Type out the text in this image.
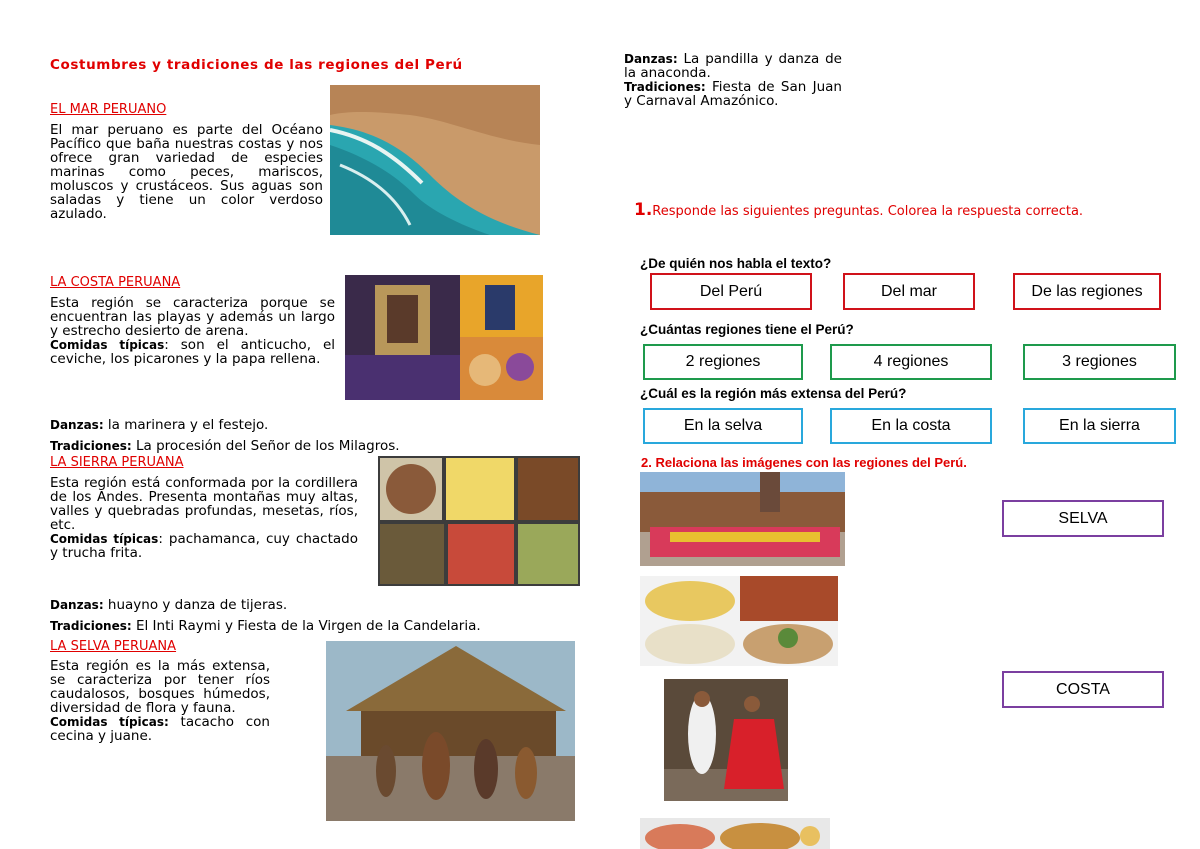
Costumbres y tradiciones de las regiones del Perú
EL MAR PERUANO
El mar peruano es parte del Océano Pacífico que baña nuestras costas y nos ofrece gran variedad de especies marinas como peces, mariscos, moluscos y crustáceos. Sus aguas son saladas y tiene un color verdoso azulado.
LA COSTA PERUANA
Esta región se caracteriza porque se encuentran las playas y además un largo y estrecho desierto de arena.
Comidas típicas: son el anticucho, el ceviche, los picarones y la papa rellena.
Danzas: la marinera y el festejo.
Tradiciones: La procesión del Señor de los Milagros.
LA SIERRA PERUANA
Esta región está conformada por la cordillera de los Andes. Presenta montañas muy altas, valles y quebradas profundas, mesetas, ríos, etc.
Comidas típicas: pachamanca, cuy chactado y trucha frita.
Danzas: huayno y danza de tijeras.
Tradiciones: El Inti Raymi y Fiesta de la Virgen de la Candelaria.
LA SELVA PERUANA
Esta región es la más extensa, se caracteriza por tener ríos caudalosos, bosques húmedos, diversidad de flora y fauna.
Comidas típicas: tacacho con cecina y juane.
Danzas: La pandilla y danza de la anaconda.
Tradiciones: Fiesta de San Juan y Carnaval Amazónico.
1.Responde las siguientes preguntas. Colorea la respuesta correcta.
¿De quién nos habla el texto?
Del Perú	Del mar	De las regiones
¿Cuántas regiones tiene el Perú?
2 regiones	4 regiones	3 regiones
¿Cuál es la región más extensa del Perú?
En la selva	En la costa	En la sierra
2. Relaciona las imágenes con las regiones del Perú.
SELVA
COSTA
